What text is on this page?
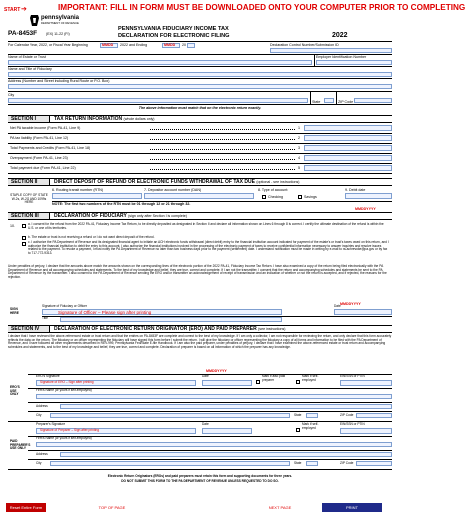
START ➔	IMPORTANT: FILL IN FORM MUST BE DOWNLOADED ONTO YOUR COMPUTER PRIOR TO COMPLETING
pennsylvania
DEPARTMENT OF REVENUE
PA-8453F (EX) 11-22 (FI)
PENNSYLVANIA FIDUCIARY INCOME TAX
DECLARATION FOR ELECTRONIC FILING	2022
For Calendar Year, 2022, or Fiscal Year Beginning	MMDD 2022 and Ending	MMDD 20	Declaration Control Number/Submission ID
Name of Estate or Trust	Employer Identification Number
Name and Title of Fiduciary
Address (Number and Street including Rural Route or P.O. Box)
City
State	ZIP Code
The above information must match that on the electronic return exactly.
SECTION I	TAX RETURN INFORMATION (whole dollars only)
Net PA taxable income (Form PA-41, Line 9)	1
PA tax liability (Form PA-41, Line 12)	2
Total Payments and Credits (Form PA-41, Line 18)	3
Overpayment (Form PA-41, Line 23)	4
Total payment due (Form PA-41, Line 22)	5
SECTION II	DIRECT DEPOSIT OF REFUND OR ELECTRONIC FUNDS WITHDRAWAL OF TAX DUE (optional - see instructions)
STAPLE COPY OF STATE W-2s, W-2G AND 1099s HERE
6. Routing transit number (RTN)	7. Depositor account number (DAN)	8. Type of account:
Checking	Savings
9. Debit date
NOTE: The first two numbers of the RTN must be 01 through 12 or 21 through 32.
MMDDYYYY
SECTION III	DECLARATION OF FIDUCIARY (sign only after Section I is complete)
10.	a. I consent for the refund from the 2022 PA-41, Fiduciary Income Tax Return, to be directly deposited as designated in Section II and declare all information shown on Lines 6 through 8 is correct. I certify the ultimate destination of the refund is within the U.S. or one of its territories.
b. The estate or trust is not receiving a refund or I do not want direct deposit of the refund.
c. I authorize the PA Department of Revenue and its designated financial agent to initiate an ACH electronic funds withdrawal (direct debit) entry to the financial institution account indicated for payment of the estate's or trust's taxes owed on this return, and I authorize the financial institution to debit the entry to this account. I also authorize the financial institutions involved in the processing of the electronic payment of taxes to receive confidential information necessary to answer inquiries and resolve issues related to the payment. To revoke a payment, I must notify the PA Department of Revenue no later than two business days prior to the payment (settlement) date. I understand notification must be made in writing by e-mail to ra-achrevoke@pa.gov or by fax to 717-772-9313.
Under penalties of perjury, I declare that the amounts above match the amounts shown on the corresponding lines of the electronic portion of the 2022 PA-41, Fiduciary Income Tax Return. I have also examined a copy of the return being filed electronically with the PA Department of Revenue and all accompanying schedules and statements. To the best of my knowledge and belief, they are true, correct and complete. If I am not the transmitter, I consent that the return and accompanying schedules and statements be sent to the PA Department of Revenue by the transmitter. I also consent to the PA Department of Revenue sending the ERO and/or transmitter an acknowledgement of receipt of transmission and an indication of whether or not the return is accepted, and if rejected, the reasons for the rejection.
MMDDYYYY
SIGN HERE
Signature of Fiduciary or Officer
Signature of Officer – Please sign after printing
Date
Title
SECTION IV	DECLARATION OF ELECTRONIC RETURN ORIGINATOR (ERO) AND PAID PREPARER (see instructions)
I declare that I have reviewed the above-referenced estate or trust return and that the entries on PA-8453F are complete and correct to the best of my knowledge. If I am only a collector, I am not responsible for reviewing the return, and only declare that this form accurately reflects the data on the return. The fiduciary or an officer representing the fiduciary will have signed this form before I submit the return. I will give the fiduciary or officer representing the fiduciary a copy of all forms and information to be filed with the PA Department of Revenue, and I have followed all other requirements described in REV-999, Pennsylvania Fed/State E-file Handbook. If I am also the paid preparer, under penalties of perjury, I declare that I have examined the above-referenced estate or trust return and accompanying schedules and statements, and to the best of my knowledge and belief, they are true, correct and complete. Declaration of preparer is based on all information of which the preparer has any knowledge.
MMDDYYYY
ERO'S USE ONLY
ERO's Signature
Signature of ERO – Sign after printing
Date	Mark if also paid preparer
Mark if self-employed
EIN/SSN or PTIN
Firm's Name (or yours if self-employed)
Address
City	State	ZIP Code
PAID PREPARER'S USE ONLY
Preparer's Signature
Signature of Preparer – Sign after printing
Date	Mark if self-employed
EIN/SSN or PTIN
Firm's Name (or yours if self-employed)
Address
City	State	ZIP Code
Electronic Return Originators (EROs) and paid preparers must retain this form and supporting documents for three years.
DO NOT SUBMIT THIS FORM TO THE PA DEPARTMENT OF REVENUE UNLESS REQUESTED TO DO SO.
Reset Entire Form	TOP OF PAGE	NEXT PAGE	PRINT
